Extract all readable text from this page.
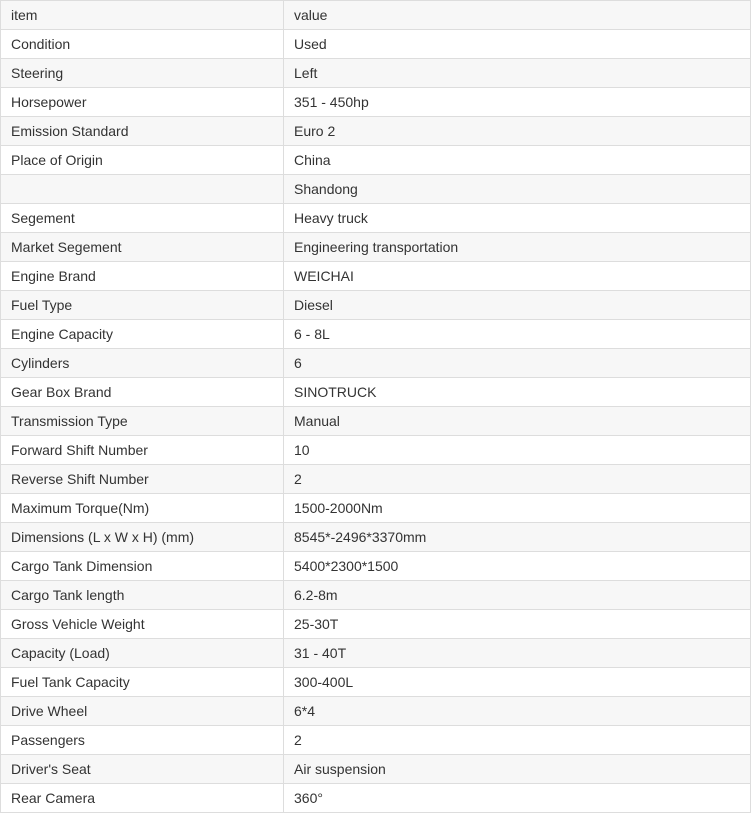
item	value
Condition	Used
Steering	Left
Horsepower	351 - 450hp
Emission Standard	Euro 2
Place of Origin	China
	Shandong
Segement	Heavy truck
Market Segement	Engineering transportation
Engine Brand	WEICHAI
Fuel Type	Diesel
Engine Capacity	6 - 8L
Cylinders	6
Gear Box Brand	SINOTRUCK
Transmission Type	Manual
Forward Shift Number	10
Reverse Shift Number	2
Maximum Torque(Nm)	1500-2000Nm
Dimensions (L x W x H) (mm)	8545*-2496*3370mm
Cargo Tank Dimension	5400*2300*1500
Cargo Tank length	6.2-8m
Gross Vehicle Weight	25-30T
Capacity (Load)	31 - 40T
Fuel Tank Capacity	300-400L
Drive Wheel	6*4
Passengers	2
Driver's Seat	Air suspension
Rear Camera	360°
